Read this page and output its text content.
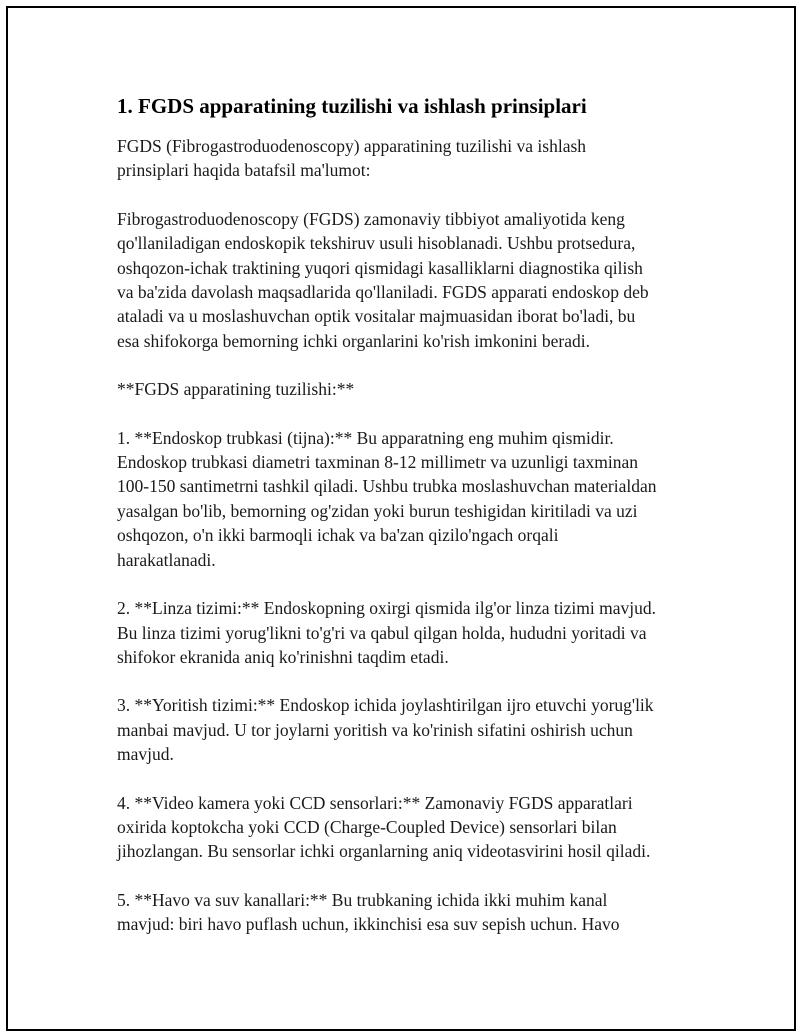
1. FGDS apparatining tuzilishi va ishlash prinsiplari

FGDS (Fibrogastroduodenoscopy) apparatining tuzilishi va ishlash
prinsiplari haqida batafsil ma'lumot:

Fibrogastroduodenoscopy (FGDS) zamonaviy tibbiyot amaliyotida keng
qo'llaniladigan endoskopik tekshiruv usuli hisoblanadi. Ushbu protsedura,
oshqozon-ichak traktining yuqori qismidagi kasalliklarni diagnostika qilish
va ba'zida davolash maqsadlarida qo'llaniladi. FGDS apparati endoskop deb
ataladi va u moslashuvchan optik vositalar majmuasidan iborat bo'ladi, bu
esa shifokorga bemorning ichki organlarini ko'rish imkonini beradi.

**FGDS apparatining tuzilishi:**

1. **Endoskop trubkasi (tijna):** Bu apparatning eng muhim qismidir.
Endoskop trubkasi diametri taxminan 8-12 millimetr va uzunligi taxminan
100-150 santimetrni tashkil qiladi. Ushbu trubka moslashuvchan materialdan
yasalgan bo'lib, bemorning og'zidan yoki burun teshigidan kiritiladi va uzi
oshqozon, o'n ikki barmoqli ichak va ba'zan qizilo'ngach orqali
harakatlanadi.

2. **Linza tizimi:** Endoskopning oxirgi qismida ilg'or linza tizimi mavjud.
Bu linza tizimi yorug'likni to'g'ri va qabul qilgan holda, hududni yoritadi va
shifokor ekranida aniq ko'rinishni taqdim etadi.

3. **Yoritish tizimi:** Endoskop ichida joylashtirilgan ijro etuvchi yorug'lik
manbai mavjud. U tor joylarni yoritish va ko'rinish sifatini oshirish uchun
mavjud.

4. **Video kamera yoki CCD sensorlari:** Zamonaviy FGDS apparatlari
oxirida koptokcha yoki CCD (Charge-Coupled Device) sensorlari bilan
jihozlangan. Bu sensorlar ichki organlarning aniq videotasvirini hosil qiladi.

5. **Havo va suv kanallari:** Bu trubkaning ichida ikki muhim kanal
mavjud: biri havo puflash uchun, ikkinchisi esa suv sepish uchun. Havo
